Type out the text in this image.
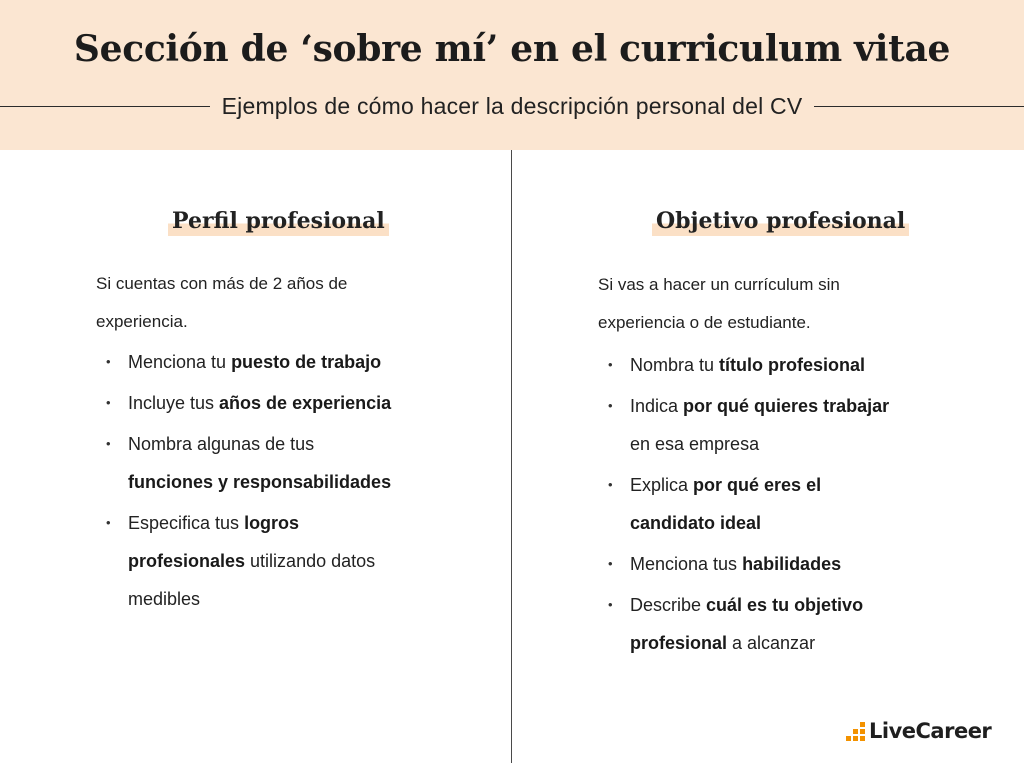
Sección de ‘sobre mí’ en el curriculum vitae
Ejemplos de cómo hacer la descripción personal del CV
Perfil profesional

Si cuentas con más de 2 años de
experiencia.

• Menciona tu puesto de trabajo
• Incluye tus años de experiencia
• Nombra algunas de tus
funciones y responsabilidades
• Especifica tus logros
profesionales utilizando datos
medibles
Objetivo profesional

Si vas a hacer un currículum sin
experiencia o de estudiante.

• Nombra tu título profesional
• Indica por qué quieres trabajar
en esa empresa
• Explica por qué eres el
candidato ideal
• Menciona tus habilidades
• Describe cuál es tu objetivo
profesional a alcanzar
LiveCareer
